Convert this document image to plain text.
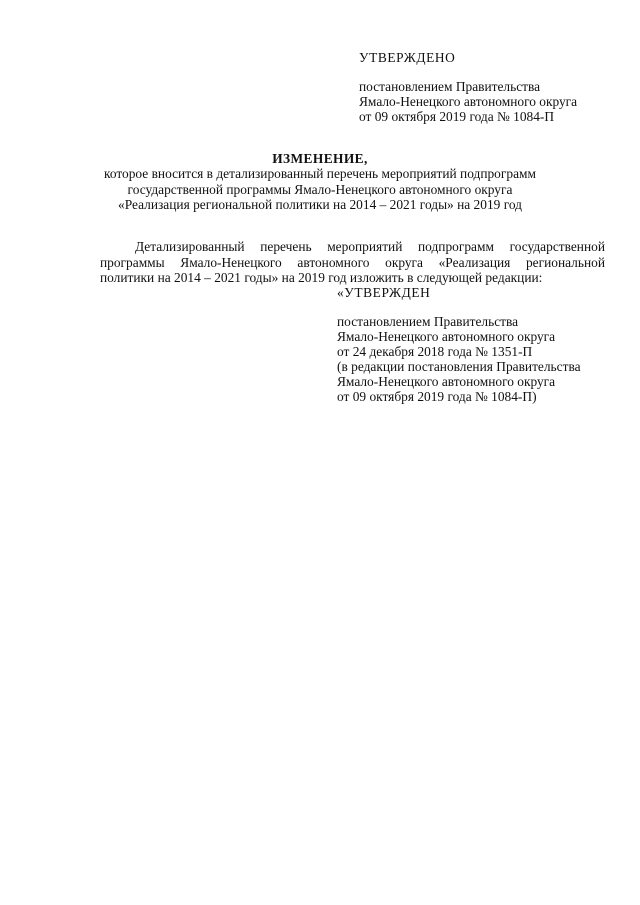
УТВЕРЖДЕНО

постановлением Правительства

Ямало-Ненецкого автономного округа

от 09 октября 2019 года № 1084-П

ИЗМЕНЕНИЕ,

которое вносится в детализированный перечень мероприятий подпрограмм

государственной программы Ямало-Ненецкого автономного округа

«Реализация региональной политики на 2014 – 2021 годы» на 2019 год

Детализированный перечень мероприятий подпрограмм государственной

программы Ямало-Ненецкого автономного округа «Реализация региональной

политики на 2014 – 2021 годы» на 2019 год изложить в следующей редакции:

«УТВЕРЖДЕН

постановлением Правительства

Ямало-Ненецкого автономного округа

от 24 декабря 2018 года № 1351-П

(в редакции постановления Правительства

Ямало-Ненецкого автономного округа

от 09 октября 2019 года № 1084-П)
